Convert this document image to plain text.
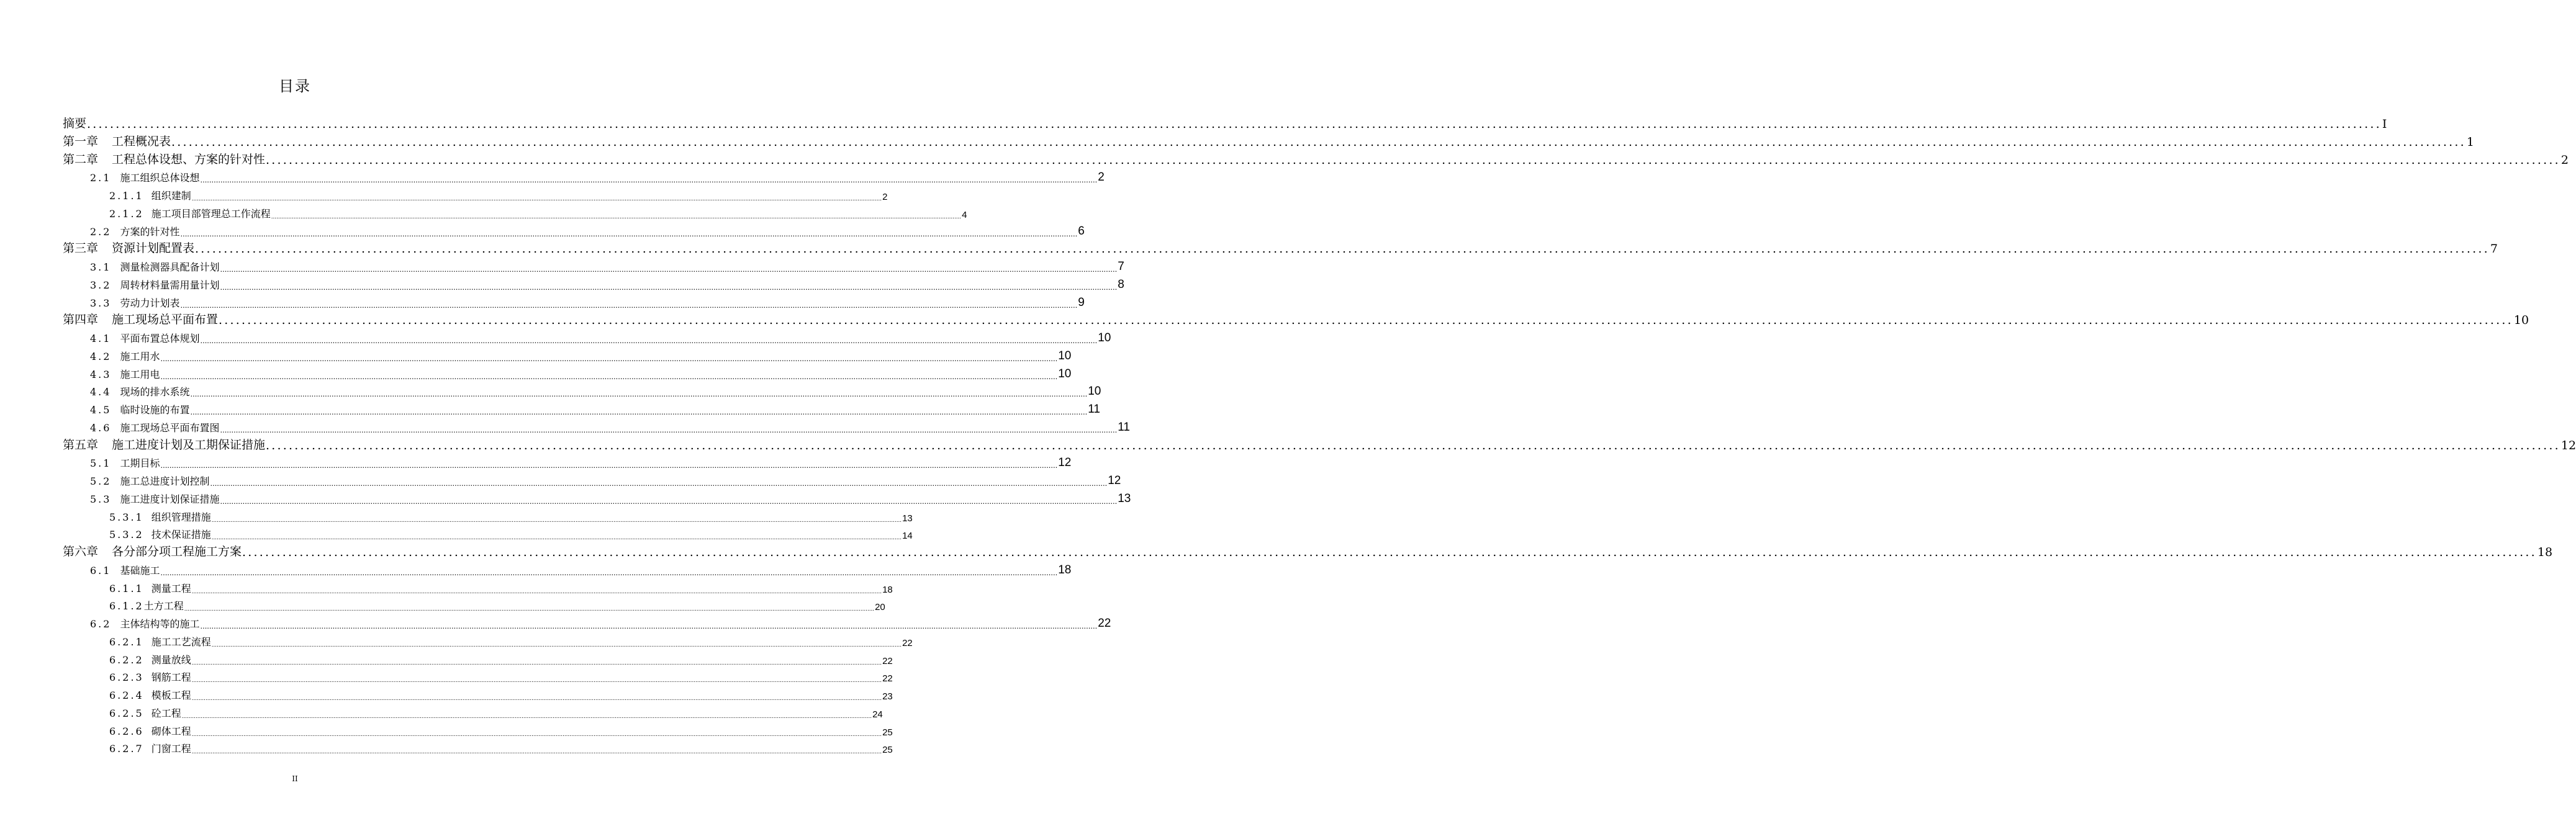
目录
摘要 ................................................................................................................................................................................................................................................................................................................................................................................................................ I
第一章 工程概况表 ................................................................................................................................................................................................................................................................................................................................................................................................................ 1
第二章 工程总体设想、方案的针对性 ................................................................................................................................................................................................................................................................................................................................................................................................................ 2
2.1 施工组织总体设想 ................................................................................................................................................................................................................................................................................................................................................................................................................ 2
2.1.1 组织建制 ................................................................................................................................................................................................................................................................................................................................................................................................................ 2
2.1.2 施工项目部管理总工作流程 ................................................................................................................................................................................................................................................................................................................................................................................................................ 4
2.2 方案的针对性 ................................................................................................................................................................................................................................................................................................................................................................................................................ 6
第三章 资源计划配置表 ................................................................................................................................................................................................................................................................................................................................................................................................................ 7
3.1 测量检测器具配备计划 ................................................................................................................................................................................................................................................................................................................................................................................................................ 7
3.2 周转材料量需用量计划 ................................................................................................................................................................................................................................................................................................................................................................................................................ 8
3.3 劳动力计划表 ................................................................................................................................................................................................................................................................................................................................................................................................................ 9
第四章 施工现场总平面布置 ................................................................................................................................................................................................................................................................................................................................................................................................................ 10
4.1 平面布置总体规划 ................................................................................................................................................................................................................................................................................................................................................................................................................ 10
4.2 施工用水 ................................................................................................................................................................................................................................................................................................................................................................................................................ 10
4.3 施工用电 ................................................................................................................................................................................................................................................................................................................................................................................................................ 10
4.4 现场的排水系统 ................................................................................................................................................................................................................................................................................................................................................................................................................ 10
4.5 临时设施的布置 ................................................................................................................................................................................................................................................................................................................................................................................................................ 11
4.6 施工现场总平面布置图 ................................................................................................................................................................................................................................................................................................................................................................................................................ 11
第五章 施工进度计划及工期保证措施 ................................................................................................................................................................................................................................................................................................................................................................................................................ 12
5.1 工期目标 ................................................................................................................................................................................................................................................................................................................................................................................................................ 12
5.2 施工总进度计划控制 ................................................................................................................................................................................................................................................................................................................................................................................................................ 12
5.3 施工进度计划保证措施 ................................................................................................................................................................................................................................................................................................................................................................................................................ 13
5.3.1 组织管理措施 ................................................................................................................................................................................................................................................................................................................................................................................................................ 13
5.3.2 技术保证措施 ................................................................................................................................................................................................................................................................................................................................................................................................................ 14
第六章 各分部分项工程施工方案 ................................................................................................................................................................................................................................................................................................................................................................................................................ 18
6.1 基础施工 ................................................................................................................................................................................................................................................................................................................................................................................................................ 18
6.1.1 测量工程 ................................................................................................................................................................................................................................................................................................................................................................................................................ 18
6.1.2土方工程 ................................................................................................................................................................................................................................................................................................................................................................................................................ 20
6.2 主体结构等的施工 ................................................................................................................................................................................................................................................................................................................................................................................................................ 22
6.2.1 施工工艺流程 ................................................................................................................................................................................................................................................................................................................................................................................................................ 22
6.2.2 测量放线 ................................................................................................................................................................................................................................................................................................................................................................................................................ 22
6.2.3 钢筋工程 ................................................................................................................................................................................................................................................................................................................................................................................................................ 22
6.2.4 模板工程 ................................................................................................................................................................................................................................................................................................................................................................................................................ 23
6.2.5 砼工程 ................................................................................................................................................................................................................................................................................................................................................................................................................ 24
6.2.6 砌体工程 ................................................................................................................................................................................................................................................................................................................................................................................................................ 25
6.2.7 门窗工程 ................................................................................................................................................................................................................................................................................................................................................................................................................ 25
II
